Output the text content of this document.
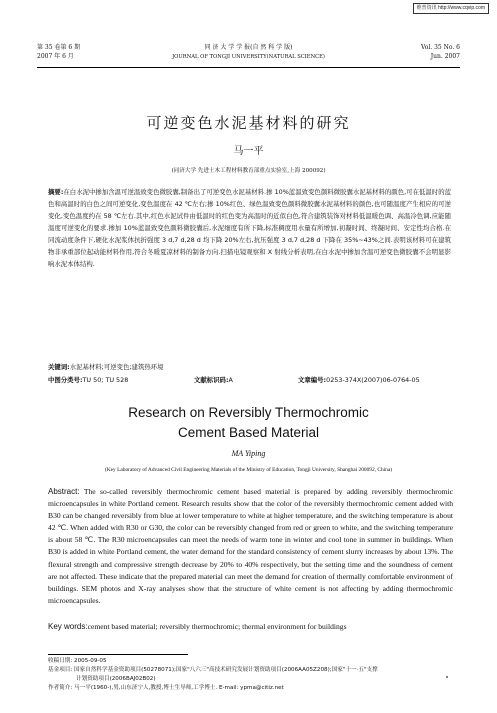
维普资讯 http://www.cqvip.com
第 35 卷第 6 期
2007 年 6 月
同 济 大 学 学 报(自 然 科 学 版)
JOURNAL OF TONGJI UNIVERSITY(NATURAL SCIENCE)
Vol. 35 No. 6
Jun. 2007
可逆变色水泥基材料的研究
马一平
(同济大学 先进土木工程材料教育部重点实验室,上海 200092)
摘要:在白水泥中掺加含温可逆温致变色微胶囊,制备出了可逆变色水泥基材料.掺 10%蓝温致变色颜料微胶囊水泥基材料的颜色,可在低温时的蓝色和高温时的白色之间可逆变化,变色温度在 42 ℃左右;掺 10%红色、绿色温致变色颜料微胶囊水泥基材料的颜色,也可随温度产生相应的可逆变化,变色温度约在 58 ℃左右.其中,红色水泥试件由低温时的红色变为高温时的近似白色,符合建筑装饰对材料低温暖色调、高温冷色调,应能随温度可逆变化的要求.掺加 10%蓝温致变色颜料微胶囊后,水泥细度有所下降,标准稠度用水量有所增加,初凝时间、终凝时间、安定性均合格.在同流动度条件下,硬化水泥浆体抗折强度 3 d,7 d,28 d 均下降 20%左右,抗压强度 3 d,7 d,28 d 下降在 35%~43%之间.表明该材料可在建筑物非承重部位起动能材料作用,符合冬暖夏凉材料的制备方向.扫描电镜观察和 X 射线分析表明,在白水泥中掺加含温可逆变色微胶囊不会明显影响水泥本体结构.
关键词:水泥基材料;可逆变色;建筑热环境
中图分类号:TU 50; TU 528	文献标识码:A	文章编号:0253-374X(2007)06-0764-05
Research on Reversibly Thermochromic
Cement Based Material
MA Yiping
(Key Laboratory of Advanced Civil Engineering Materials of the Ministry of Education, Tongji University, Shanghai 200092, China)
Abstract: The so-called reversibly thermochromic cement based material is prepared by adding reversibly thermochromic microencapsules in white Portland cement. Research results show that the color of the reversibly thermochromic cement added with B30 can be changed reversibly from blue at lower temperature to white at higher temperature, and the switching temperature is about 42 ℃. When added with R30 or G30, the color can be reversibly changed from red or green to white, and the switching temperature is about 58 ℃. The R30 microencapsules can meet the needs of warm tone in winter and cool tone in summer in buildings. When B30 is added in white Portland cement, the water demand for the standard consistency of cement slurry increases by about 13%. The flexural strength and compressive strength decrease by 20% to 40% respectively, but the setting time and the soundness of cement are not affected. These indicate that the prepared material can meet the demand for creation of thermally comfortable environment of buildings. SEM photos and X-ray analyses show that the structure of white cement is not affecting by adding thermochromic microencapsules.
Key words:cement based material; reversibly thermochromic; thermal environment for buildings
收稿日期: 2005-09-05
基金项目: 国家自然科学基金资助项目(50278071);国家"八六三"高技术研究发展计划资助项目(2006AA05Z208);国家"十一·五"支撑
计划资助项目(2006BAJ02B02)
作者简介: 马一平(1960-),男,山东济宁人,教授,博士生导师,工学博士. E-mail: ypma@citiz.net
